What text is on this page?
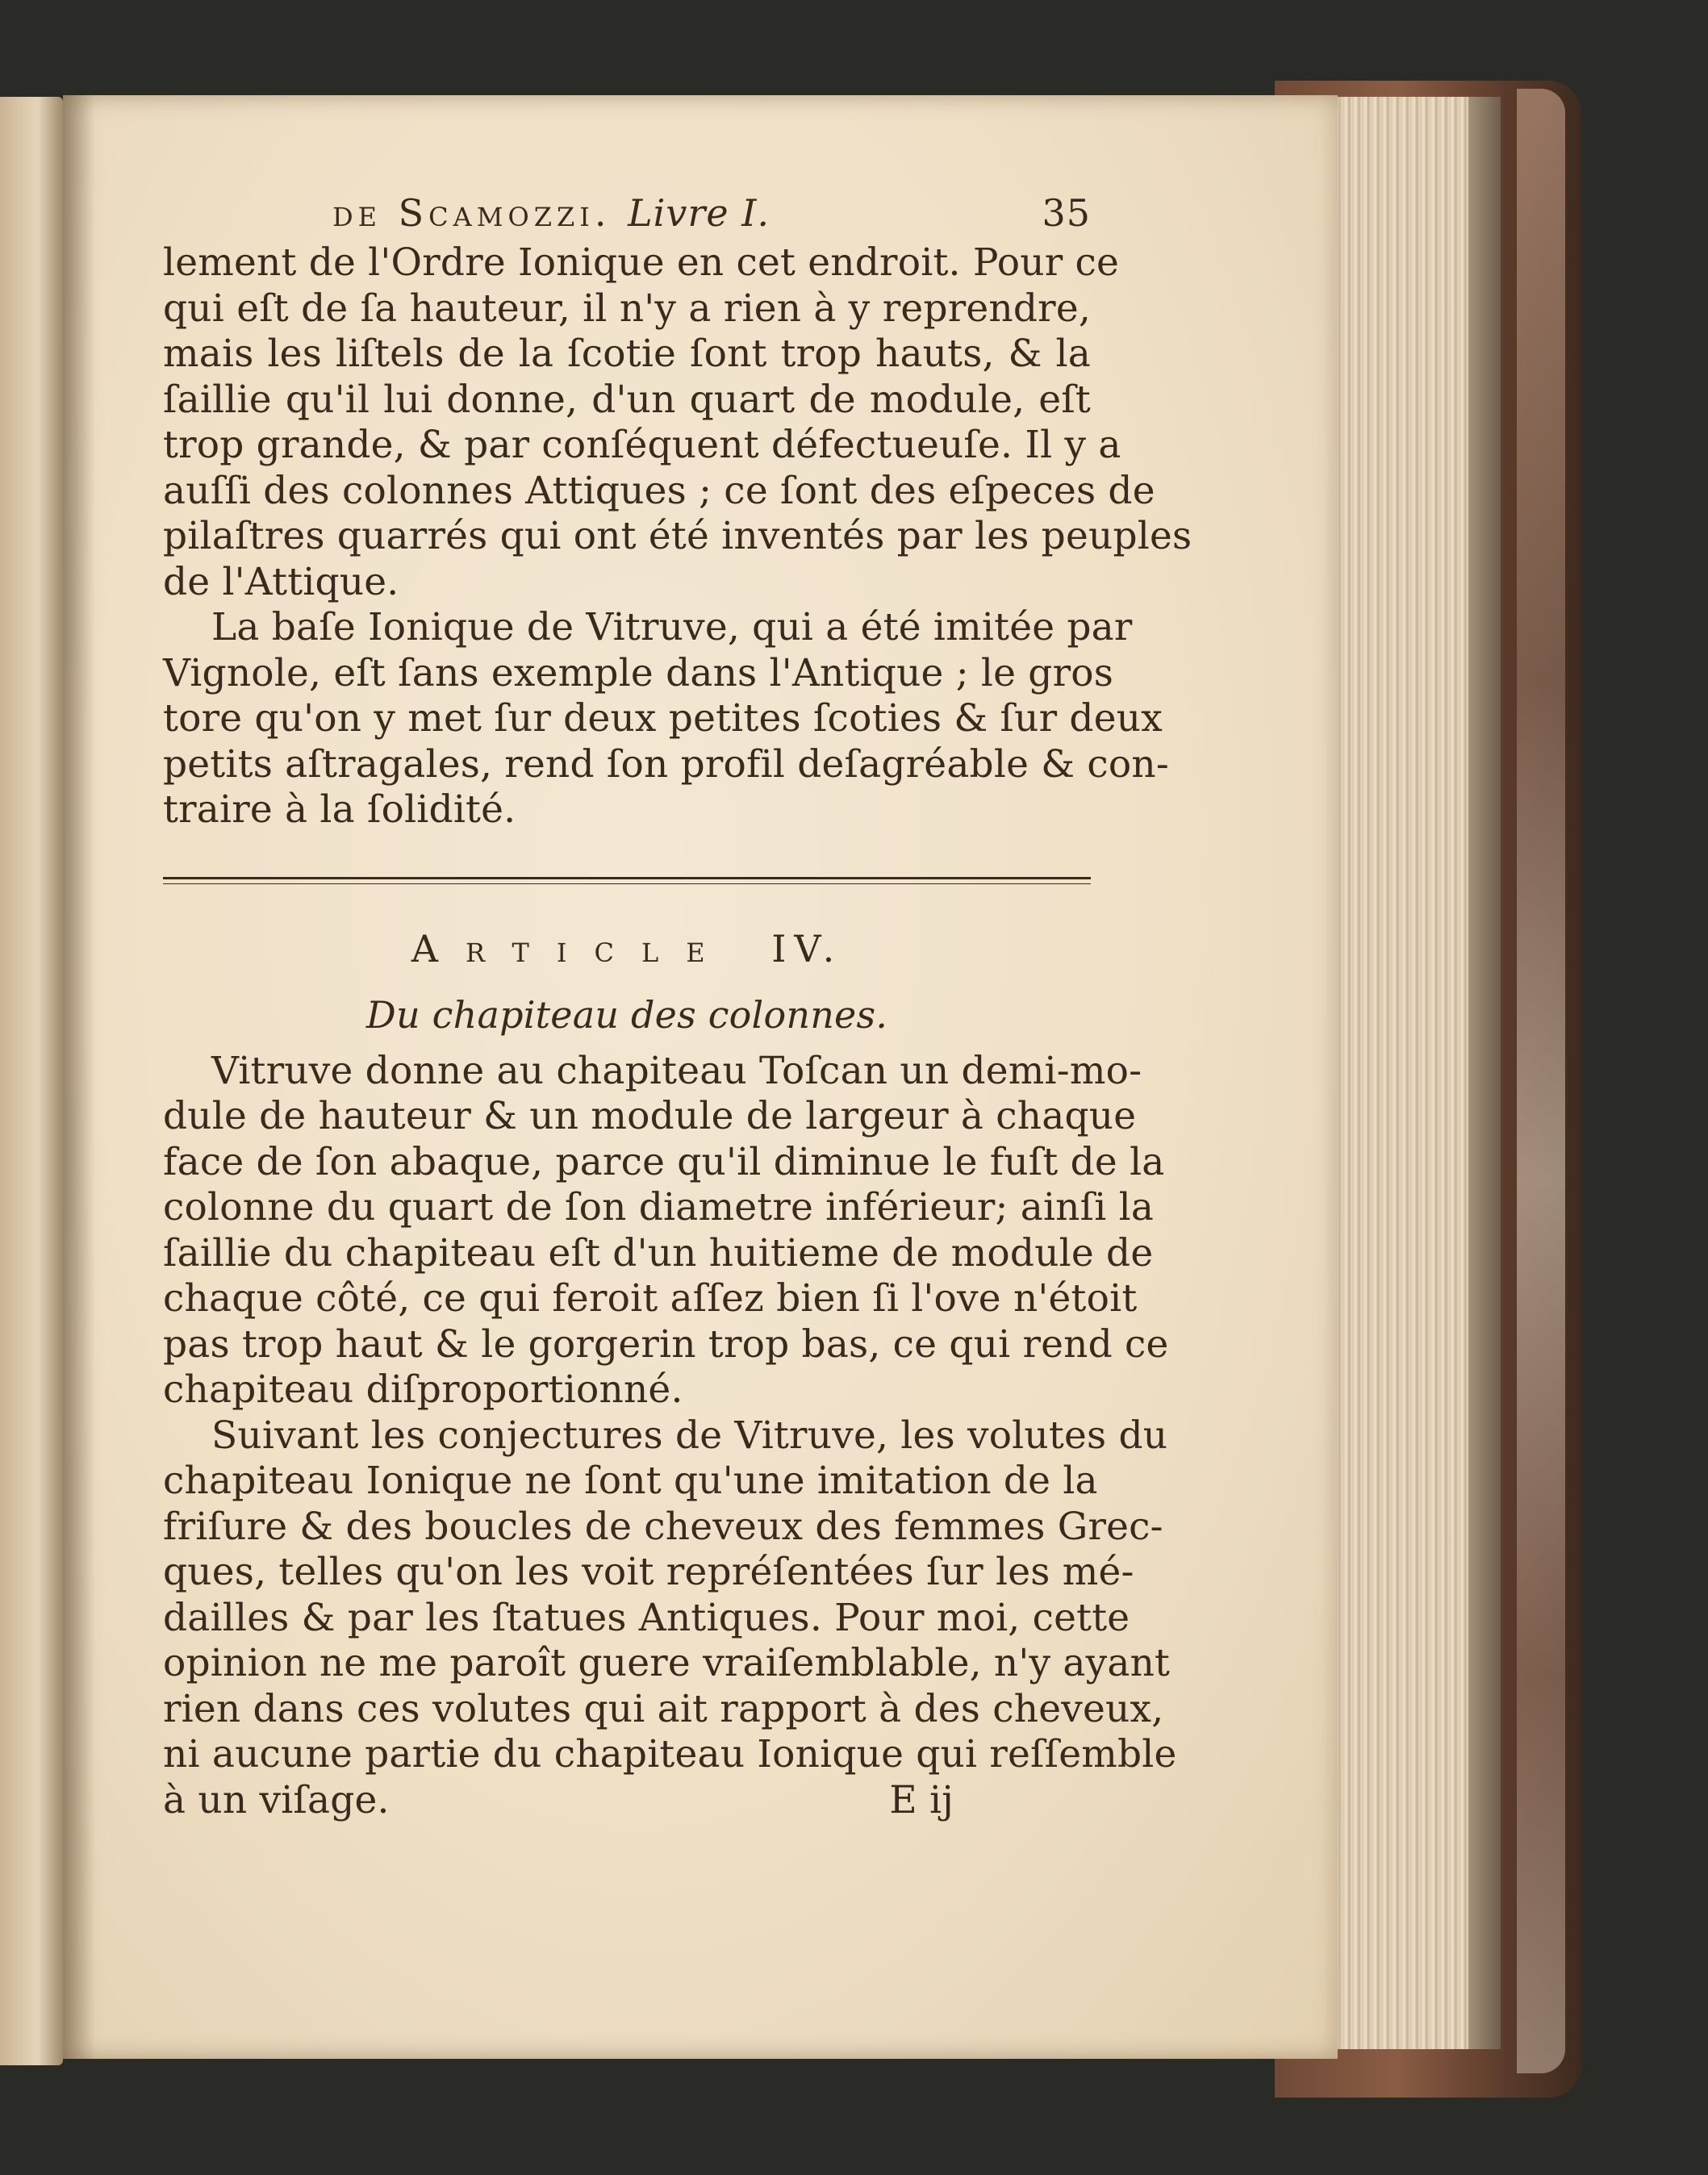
de Scamozzi. Livre I.	35
lement de l'Ordre Ionique en cet endroit. Pour ce
qui eſt de ſa hauteur, il n'y a rien à y reprendre,
mais les liſtels de la ſcotie ſont trop hauts, & la
ſaillie qu'il lui donne, d'un quart de module, eſt
trop grande, & par conſéquent défectueuſe. Il y a
auſſi des colonnes Attiques ; ce ſont des eſpeces de
pilaſtres quarrés qui ont été inventés par les peuples
de l'Attique.
La baſe Ionique de Vitruve, qui a été imitée par
Vignole, eſt ſans exemple dans l'Antique ; le gros
tore qu'on y met ſur deux petites ſcoties & ſur deux
petits aſtragales, rend ſon profil deſagréable & con-
traire à la ſolidité.
Article IV.
Du chapiteau des colonnes.
Vitruve donne au chapiteau Toſcan un demi-mo-
dule de hauteur & un module de largeur à chaque
face de ſon abaque, parce qu'il diminue le fuſt de la
colonne du quart de ſon diametre inférieur; ainſi la
ſaillie du chapiteau eſt d'un huitieme de module de
chaque côté, ce qui feroit aſſez bien ſi l'ove n'étoit
pas trop haut & le gorgerin trop bas, ce qui rend ce
chapiteau diſproportionné.
Suivant les conjectures de Vitruve, les volutes du
chapiteau Ionique ne ſont qu'une imitation de la
friſure & des boucles de cheveux des femmes Grec-
ques, telles qu'on les voit repréſentées ſur les mé-
dailles & par les ſtatues Antiques. Pour moi, cette
opinion ne me paroît guere vraiſemblable, n'y ayant
rien dans ces volutes qui ait rapport à des cheveux,
ni aucune partie du chapiteau Ionique qui reſſemble
à un viſage.	E ij
